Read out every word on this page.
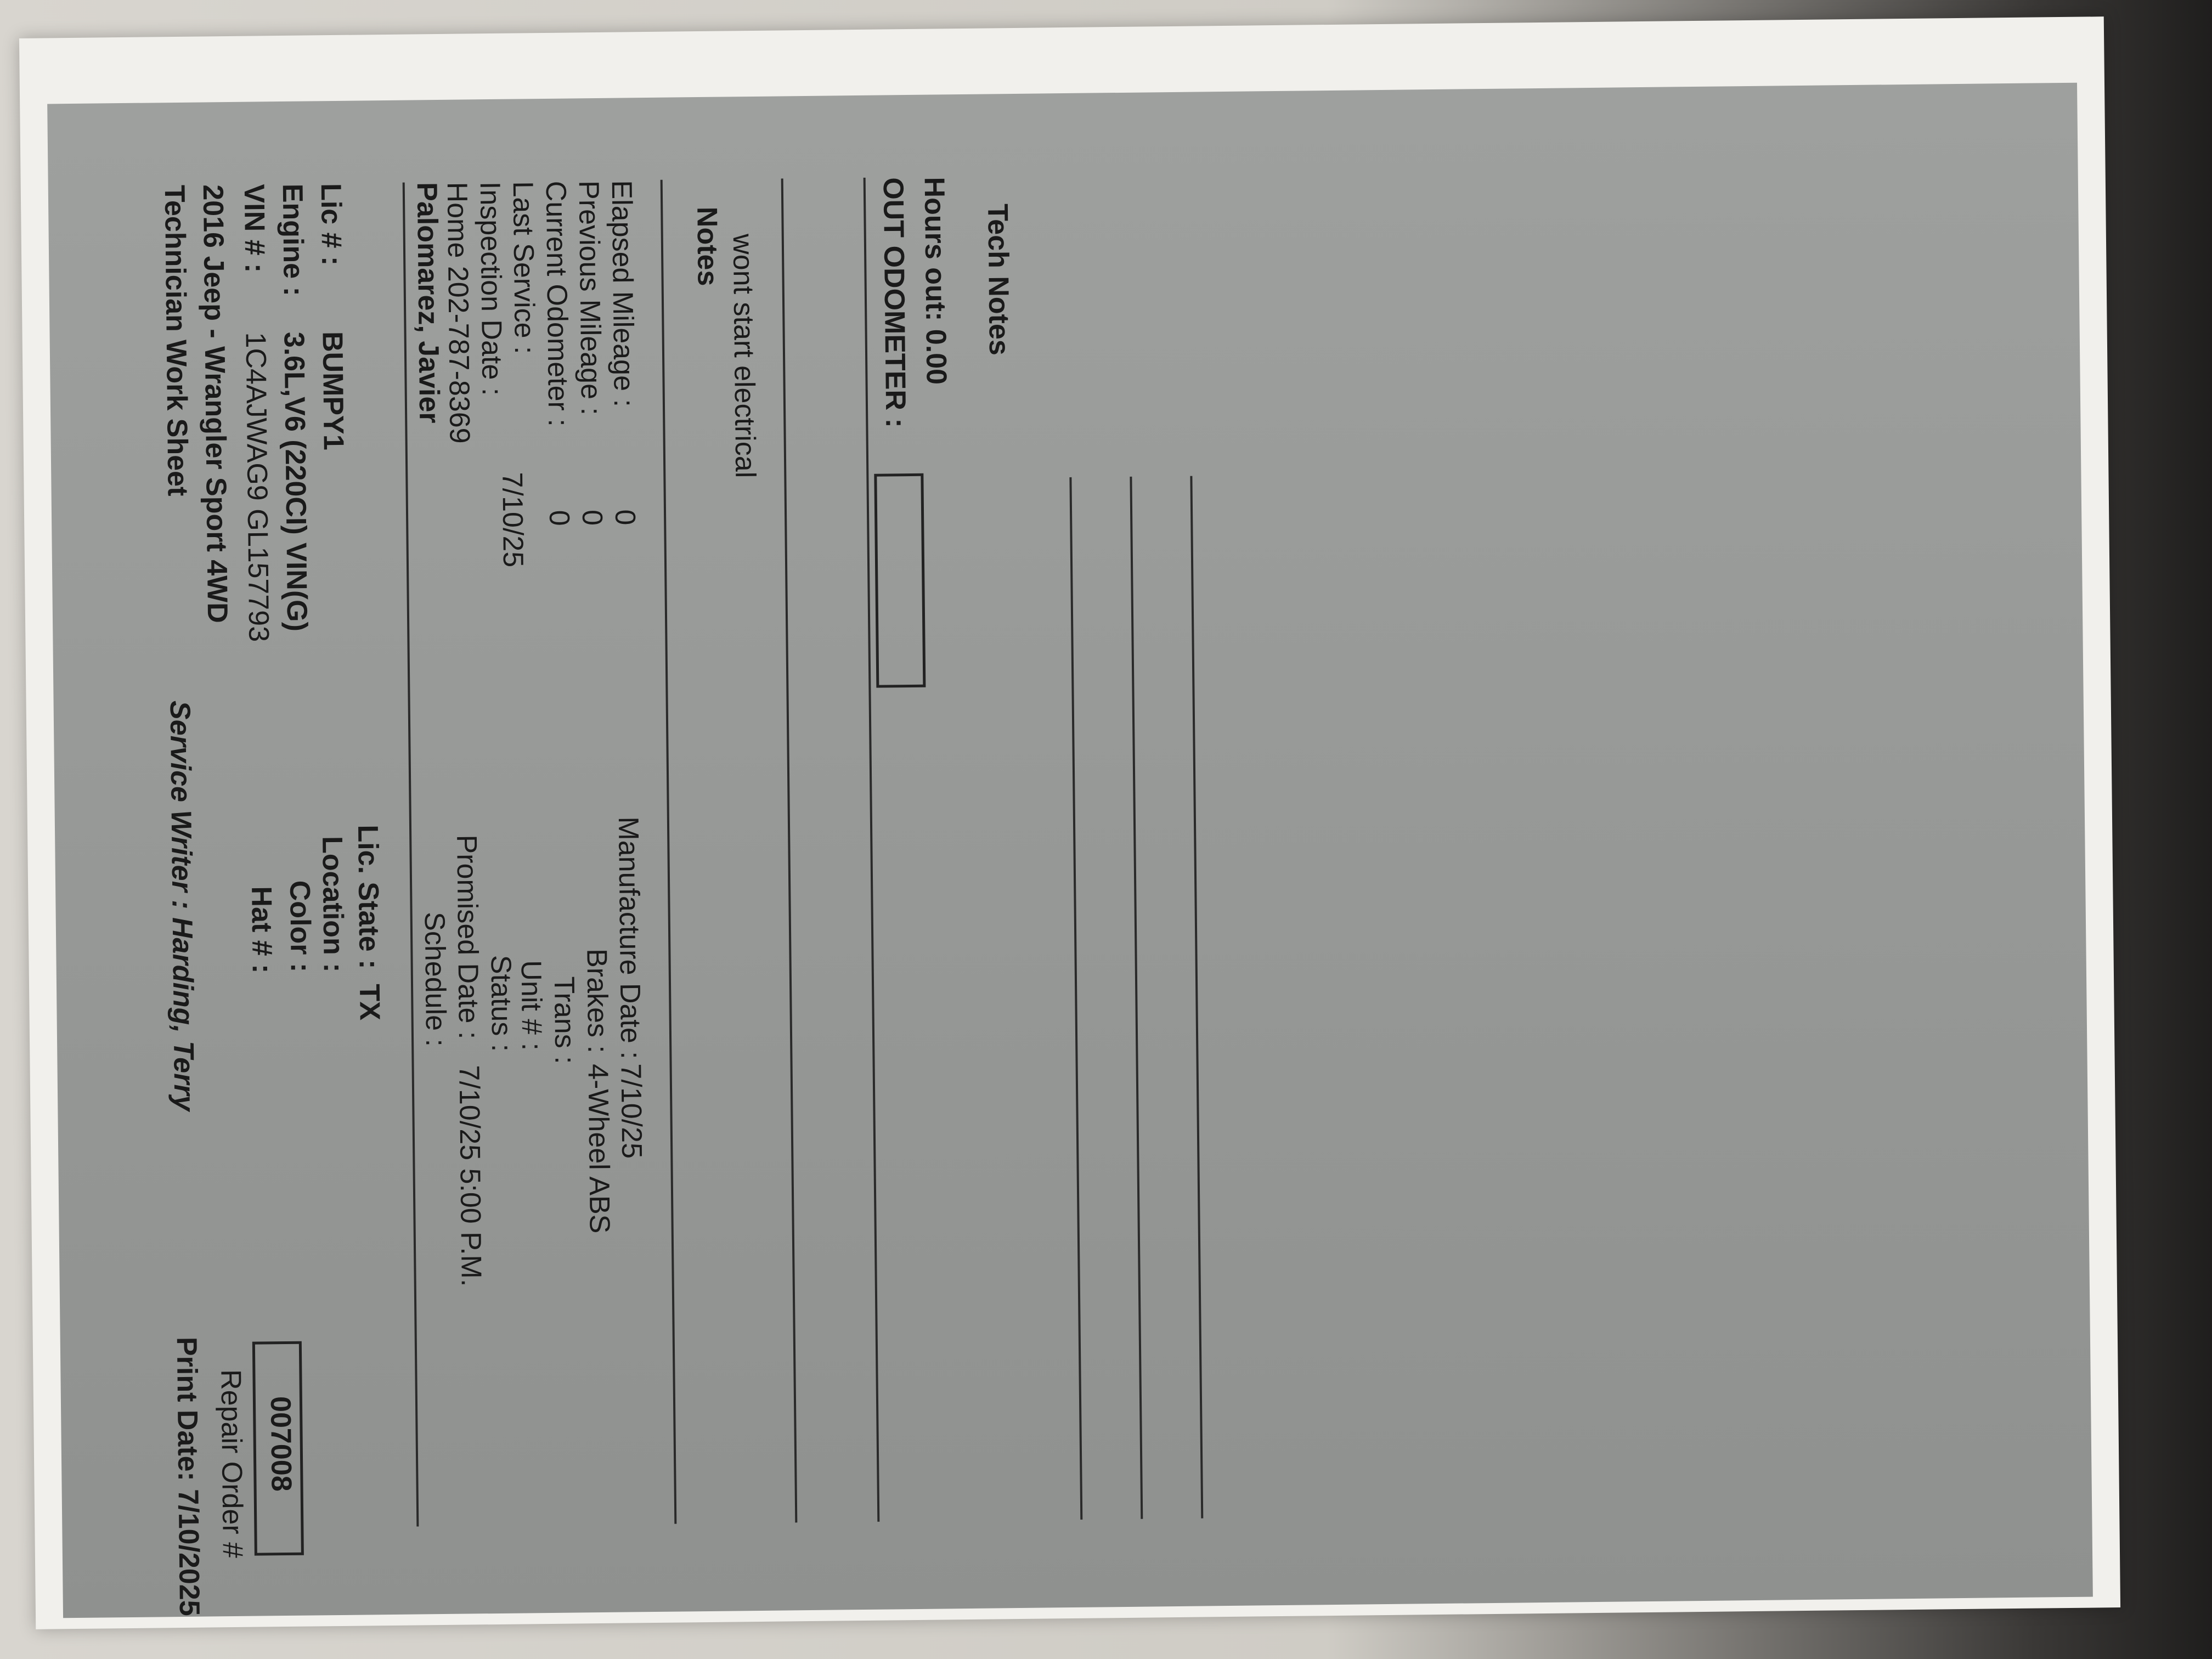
Technician Work Sheet
Service Writer : Harding, Terry
Print Date: 7/10/2025
2016 Jeep - Wrangler Sport 4WD
Repair Order # 007008
VIN # :
1C4AJWAG9 GL157793
Hat # :
Engine :
3.6L,V6 (220CI) VIN(G)
Color : Location :
Lic # :
BUMPY1
Lic. State :
TX
Palomarez, Javier
Home 202-787-8369
Inspection Date :
7/10/25
Last Service :
Current Odometer :
0
Previous Mileage :
0
Elapsed Mileage :
0
Schedule :
Promised Date :
7/10/25 5:00 P.M.
Status :
Unit # : Trans : Brakes :
4-Wheel ABS
Manufacture Date :
7/10/25
Notes wont start electrical	OUT ODOMETER : Hours out: 0.00 Tech Notes
